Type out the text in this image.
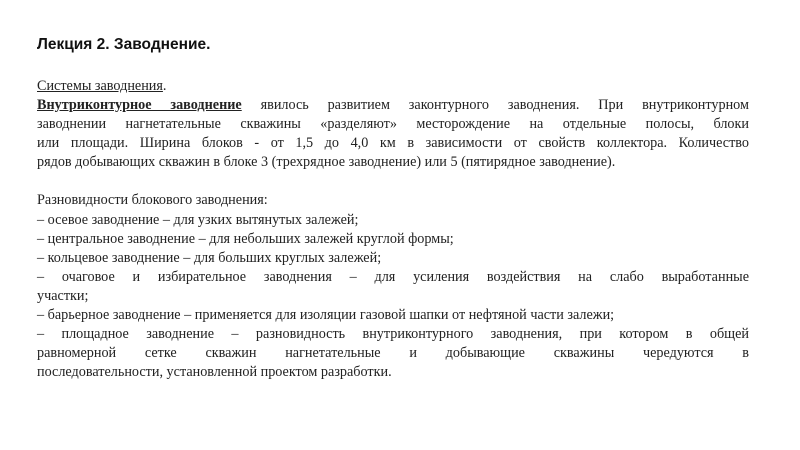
Лекция 2. Заводнение.
Системы заводнения.
Внутриконтурное заводнение явилось развитием законтурного заводнения. При внутриконтурном
заводнении нагнетательные скважины «разделяют» месторождение на отдельные полосы, блоки
или площади. Ширина блоков - от 1,5 до 4,0 км в зависимости от свойств коллектора. Количество
рядов добывающих скважин в блоке 3 (трехрядное заводнение) или 5 (пятирядное заводнение).
Разновидности блокового заводнения:
– осевое заводнение – для узких вытянутых залежей;
– центральное заводнение – для небольших залежей круглой формы;
– кольцевое заводнение – для больших круглых залежей;
– очаговое и избирательное заводнения – для усиления воздействия на слабо выработанные
участки;
– барьерное заводнение – применяется для изоляции газовой шапки от нефтяной части залежи;
– площадное заводнение – разновидность внутриконтурного заводнения, при котором в общей
равномерной сетке скважин нагнетательные и добывающие скважины чередуются в
последовательности, установленной проектом разработки.
